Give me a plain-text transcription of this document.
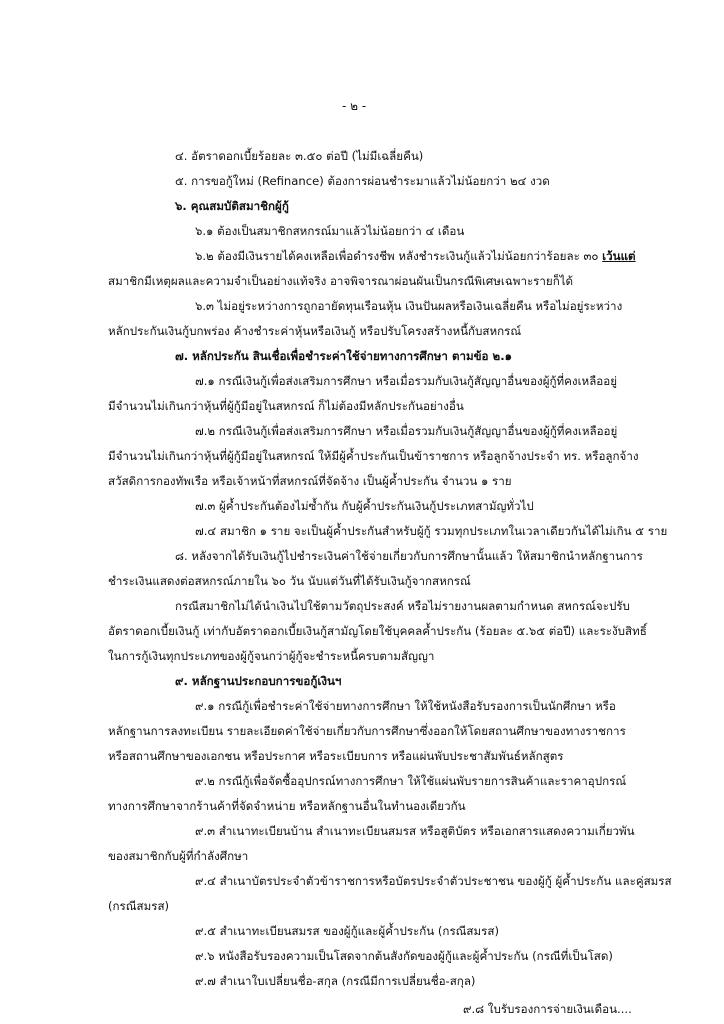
- ๒ -
๔. อัตราดอกเบี้ยร้อยละ ๓.๕๐ ต่อปี (ไม่มีเฉลี่ยคืน)
๕. การขอกู้ใหม่ (Refinance) ต้องการผ่อนชำระมาแล้วไม่น้อยกว่า ๒๔ งวด
๖. คุณสมบัติสมาชิกผู้กู้
๖.๑ ต้องเป็นสมาชิกสหกรณ์มาแล้วไม่น้อยกว่า ๔ เดือน
๖.๒ ต้องมีเงินรายได้คงเหลือเพื่อดำรงชีพ หลังชำระเงินกู้แล้วไม่น้อยกว่าร้อยละ ๓๐ เว้นแต่
สมาชิกมีเหตุผลและความจำเป็นอย่างแท้จริง อาจพิจารณาผ่อนผันเป็นกรณีพิเศษเฉพาะรายก็ได้
๖.๓ ไม่อยู่ระหว่างการถูกอายัดทุนเรือนหุ้น เงินปันผลหรือเงินเฉลี่ยคืน หรือไม่อยู่ระหว่าง
หลักประกันเงินกู้บกพร่อง ค้างชำระค่าหุ้นหรือเงินกู้ หรือปรับโครงสร้างหนี้กับสหกรณ์
๗. หลักประกัน สินเชื่อเพื่อชำระค่าใช้จ่ายทางการศึกษา ตามข้อ ๒.๑
๗.๑ กรณีเงินกู้เพื่อส่งเสริมการศึกษา หรือเมื่อรวมกับเงินกู้สัญญาอื่นของผู้กู้ที่คงเหลืออยู่
มีจำนวนไม่เกินกว่าหุ้นที่ผู้กู้มีอยู่ในสหกรณ์ ก็ไม่ต้องมีหลักประกันอย่างอื่น
๗.๒ กรณีเงินกู้เพื่อส่งเสริมการศึกษา หรือเมื่อรวมกับเงินกู้สัญญาอื่นของผู้กู้ที่คงเหลืออยู่
มีจำนวนไม่เกินกว่าหุ้นที่ผู้กู้มีอยู่ในสหกรณ์ ให้มีผู้ค้ำประกันเป็นข้าราชการ หรือลูกจ้างประจำ ทร. หรือลูกจ้าง
สวัสดิการกองทัพเรือ หรือเจ้าหน้าที่สหกรณ์ที่จัดจ้าง เป็นผู้ค้ำประกัน จำนวน ๑ ราย
๗.๓ ผู้ค้ำประกันต้องไม่ซ้ำกัน กับผู้ค้ำประกันเงินกู้ประเภทสามัญทั่วไป
๗.๔ สมาชิก ๑ ราย จะเป็นผู้ค้ำประกันสำหรับผู้กู้ รวมทุกประเภทในเวลาเดียวกันได้ไม่เกิน ๕ ราย
๘. หลังจากได้รับเงินกู้ไปชำระเงินค่าใช้จ่ายเกี่ยวกับการศึกษานั้นแล้ว ให้สมาชิกนำหลักฐานการ
ชำระเงินแสดงต่อสหกรณ์ภายใน ๖๐ วัน นับแต่วันที่ได้รับเงินกู้จากสหกรณ์
กรณีสมาชิกไม่ได้นำเงินไปใช้ตามวัตถุประสงค์ หรือไม่รายงานผลตามกำหนด สหกรณ์จะปรับ
อัตราดอกเบี้ยเงินกู้ เท่ากับอัตราดอกเบี้ยเงินกู้สามัญโดยใช้บุคคลค้ำประกัน (ร้อยละ ๕.๖๕ ต่อปี) และระงับสิทธิ์
ในการกู้เงินทุกประเภทของผู้กู้จนกว่าผู้กู้จะชำระหนี้ครบตามสัญญา
๙. หลักฐานประกอบการขอกู้เงินฯ
๙.๑ กรณีกู้เพื่อชำระค่าใช้จ่ายทางการศึกษา ให้ใช้หนังสือรับรองการเป็นนักศึกษา หรือ
หลักฐานการลงทะเบียน รายละเอียดค่าใช้จ่ายเกี่ยวกับการศึกษาซึ่งออกให้โดยสถานศึกษาของทางราชการ
หรือสถานศึกษาของเอกชน หรือประกาศ หรือระเบียบการ หรือแผ่นพับประชาสัมพันธ์หลักสูตร
๙.๒ กรณีกู้เพื่อจัดซื้ออุปกรณ์ทางการศึกษา ให้ใช้แผ่นพับรายการสินค้าและราคาอุปกรณ์
ทางการศึกษาจากร้านค้าที่จัดจำหน่าย หรือหลักฐานอื่นในทำนองเดียวกัน
๙.๓ สำเนาทะเบียนบ้าน สำเนาทะเบียนสมรส หรือสูติบัตร หรือเอกสารแสดงความเกี่ยวพัน
ของสมาชิกกับผู้ที่กำลังศึกษา
๙.๔ สำเนาบัตรประจำตัวข้าราชการหรือบัตรประจำตัวประชาชน ของผู้กู้ ผู้ค้ำประกัน และคู่สมรส
(กรณีสมรส)
๙.๕ สำเนาทะเบียนสมรส ของผู้กู้และผู้ค้ำประกัน (กรณีสมรส)
๙.๖ หนังสือรับรองความเป็นโสดจากต้นสังกัดของผู้กู้และผู้ค้ำประกัน (กรณีที่เป็นโสด)
๙.๗ สำเนาใบเปลี่ยนชื่อ-สกุล (กรณีมีการเปลี่ยนชื่อ-สกุล)
๙.๘ ใบรับรองการจ่ายเงินเดือน....
